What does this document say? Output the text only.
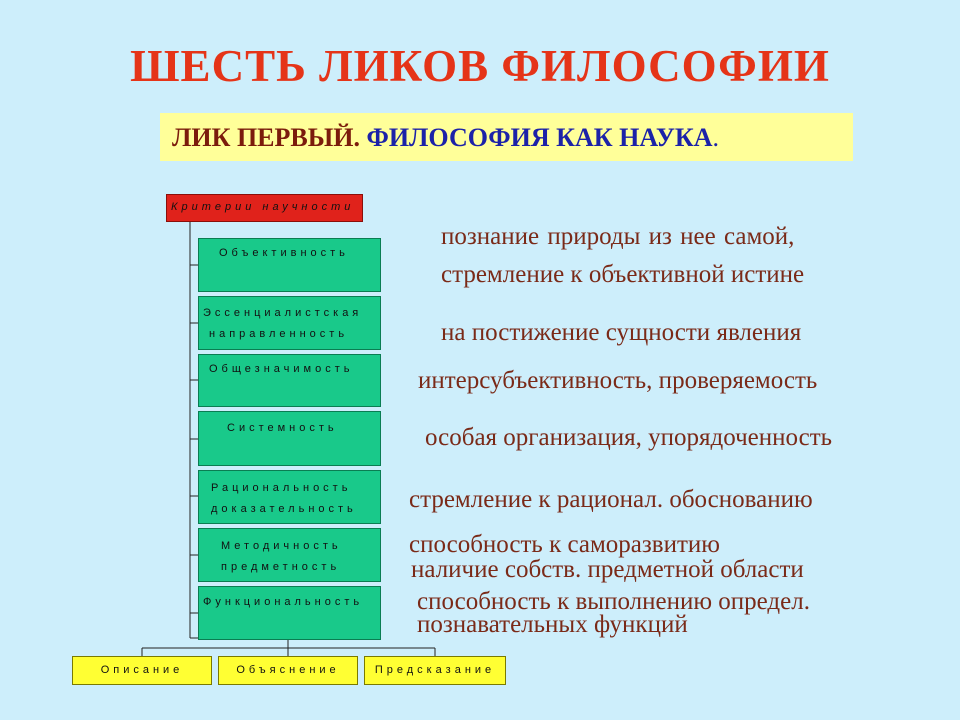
ШЕСТЬ ЛИКОВ ФИЛОСОФИИ
ЛИК ПЕРВЫЙ. ФИЛОСОФИЯ КАК НАУКА.
Критерии научности
Объективность
Эссенциалистская
направленность
Общезначимость
Системность
Рациональность
доказательность
Методичность
предметность
Функциональность
Описание	Объяснение	Предсказание
познание природы из нее самой,
стремление к объективной истине
на постижение сущности явления
интерсубъективность, проверяемость
особая организация, упорядоченность
стремление к рационал. обоснованию
способность к саморазвитию
наличие собств. предметной области
способность к выполнению определ.
познавательных функций
